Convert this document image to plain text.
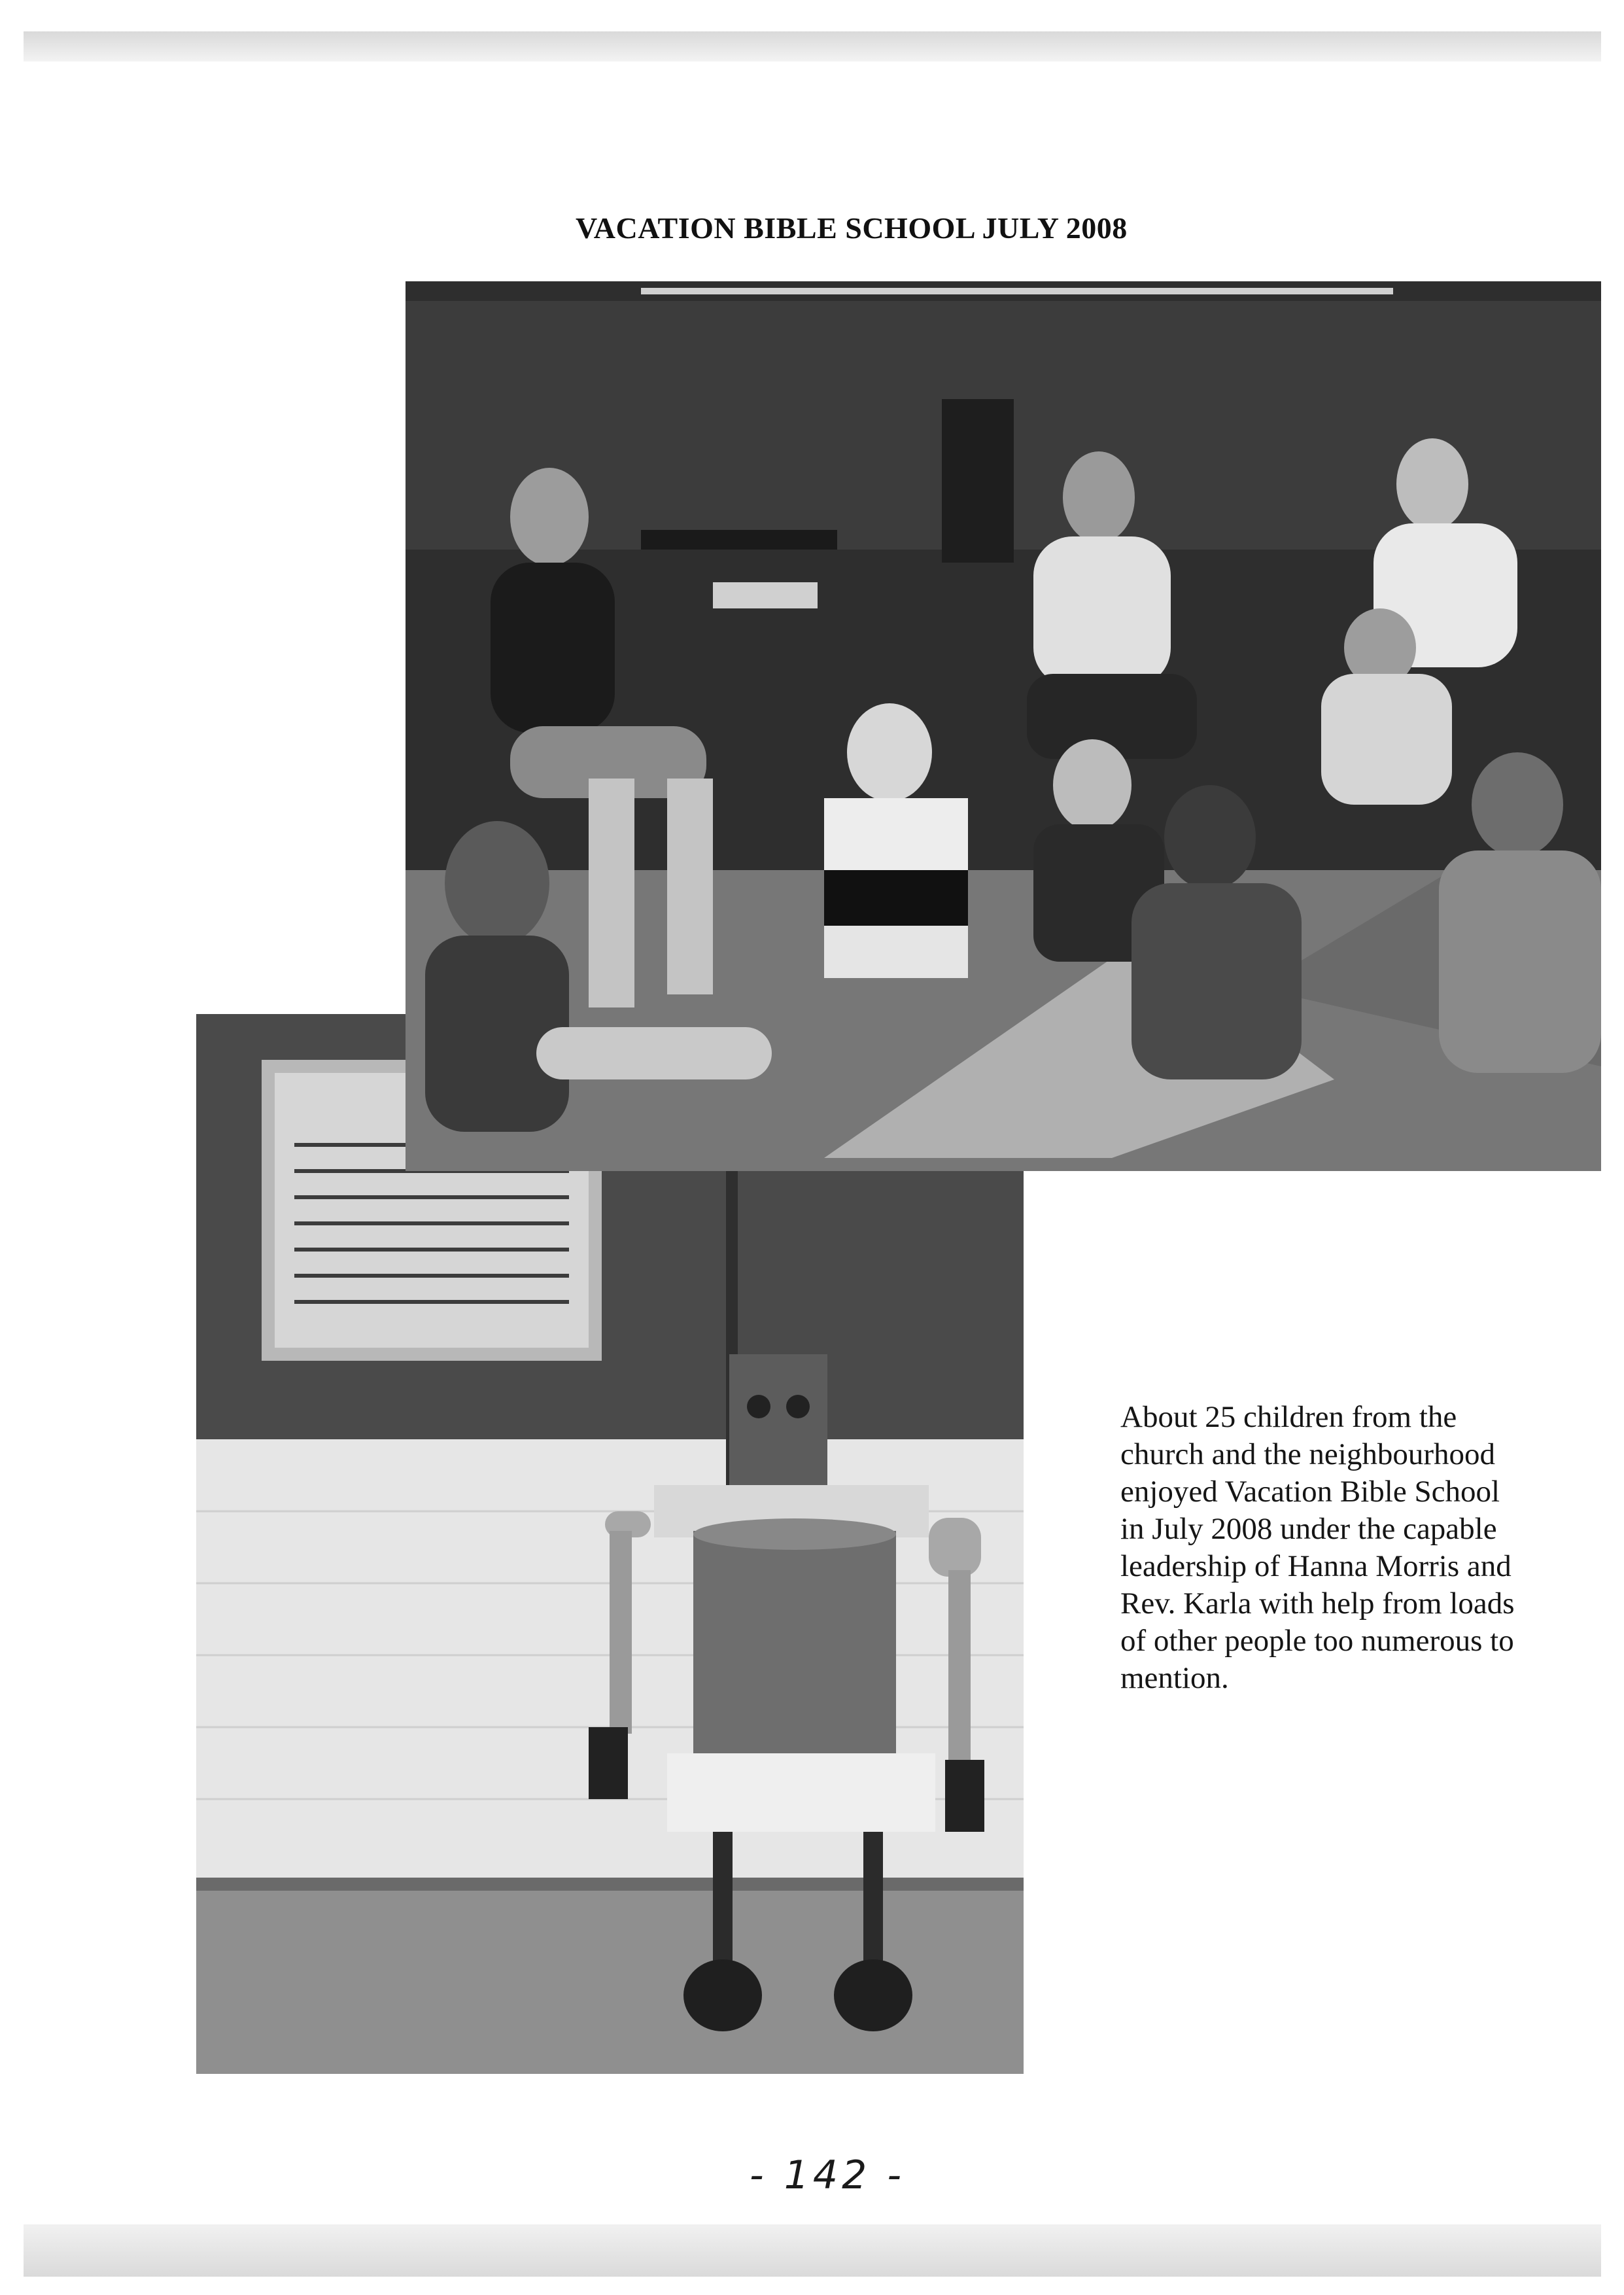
VACATION BIBLE SCHOOL JULY 2008
About 25 children from the church and the neighbourhood enjoyed Vacation Bible School in July 2008 under the capable leadership of Hanna Morris and Rev. Karla with help from loads of other people too numerous to mention.
- 142 -
